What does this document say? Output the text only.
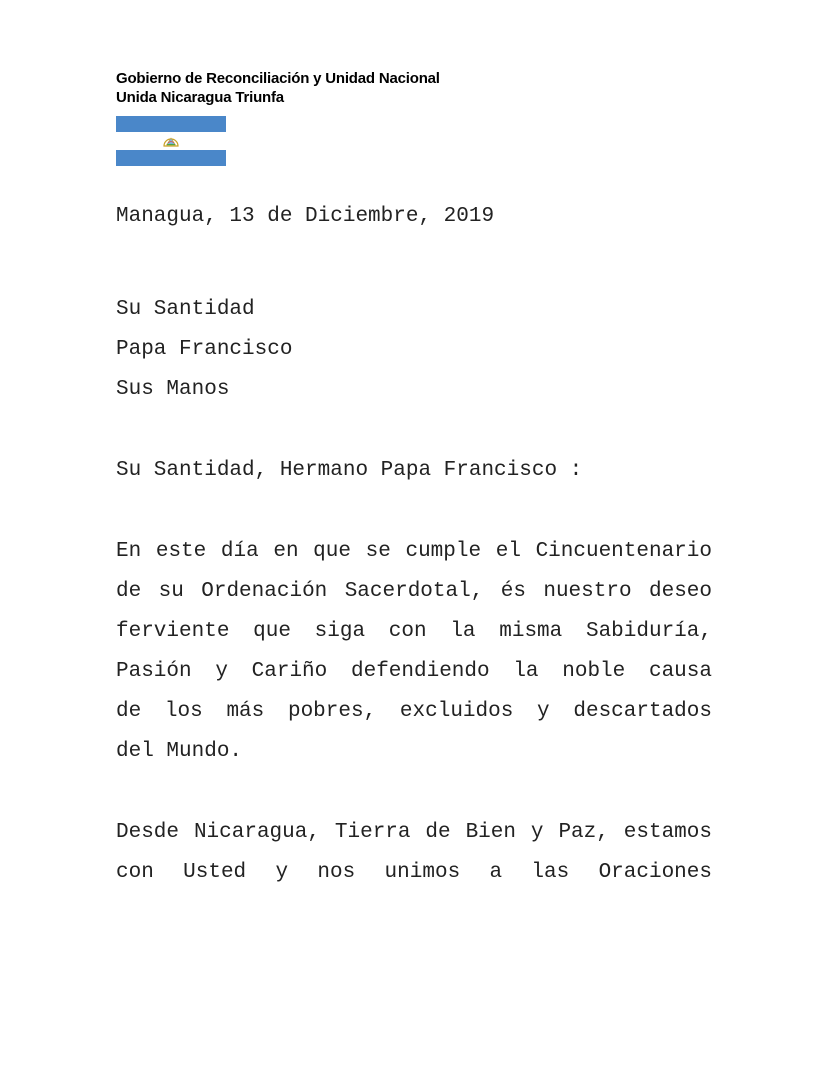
Gobierno de Reconciliación y Unidad Nacional
Unida Nicaragua Triunfa
Managua, 13 de Diciembre, 2019
Su Santidad
Papa Francisco
Sus Manos
Su Santidad, Hermano Papa Francisco :
En este día en que se cumple el Cincuentenario
de su Ordenación Sacerdotal, és nuestro deseo
ferviente que siga con la misma Sabiduría,
Pasión y Cariño defendiendo la noble causa
de los más pobres, excluidos y descartados
del Mundo.
Desde Nicaragua, Tierra de Bien y Paz, estamos
con Usted y nos unimos a las Oraciones
